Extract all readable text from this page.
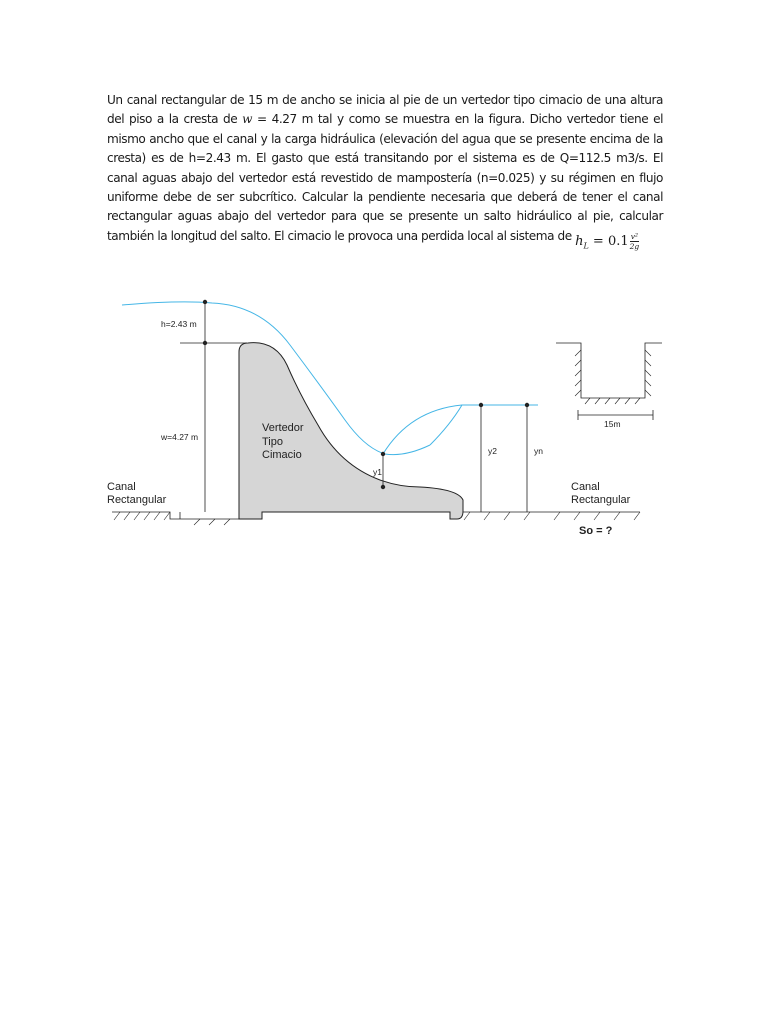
Un canal rectangular de 15 m de ancho se inicia al pie de un vertedor tipo cimacio de una altura del piso a la cresta de w = 4.27 m tal y como se muestra en la figura. Dicho vertedor tiene el mismo ancho que el canal y la carga hidráulica (elevación del agua que se presente encima de la cresta) es de h=2.43 m. El gasto que está transitando por el sistema es de Q=112.5 m3/s. El canal aguas abajo del vertedor está revestido de mampostería (n=0.025) y su régimen en flujo uniforme debe de ser subcrítico. Calcular la pendiente necesaria que deberá de tener el canal rectangular aguas abajo del vertedor para que se presente un salto hidráulico al pie, calcular también la longitud del salto. El cimacio le provoca una perdida local al sistema de $h_L = 0.1 \frac{\text{v²}}{2g}$

h=2.43 m
w=4.27 m
Vertedor
Tipo
Cimacio
y1
y2	yn
Canal
Rectangular
Canal
Rectangular
15m
So = ?
